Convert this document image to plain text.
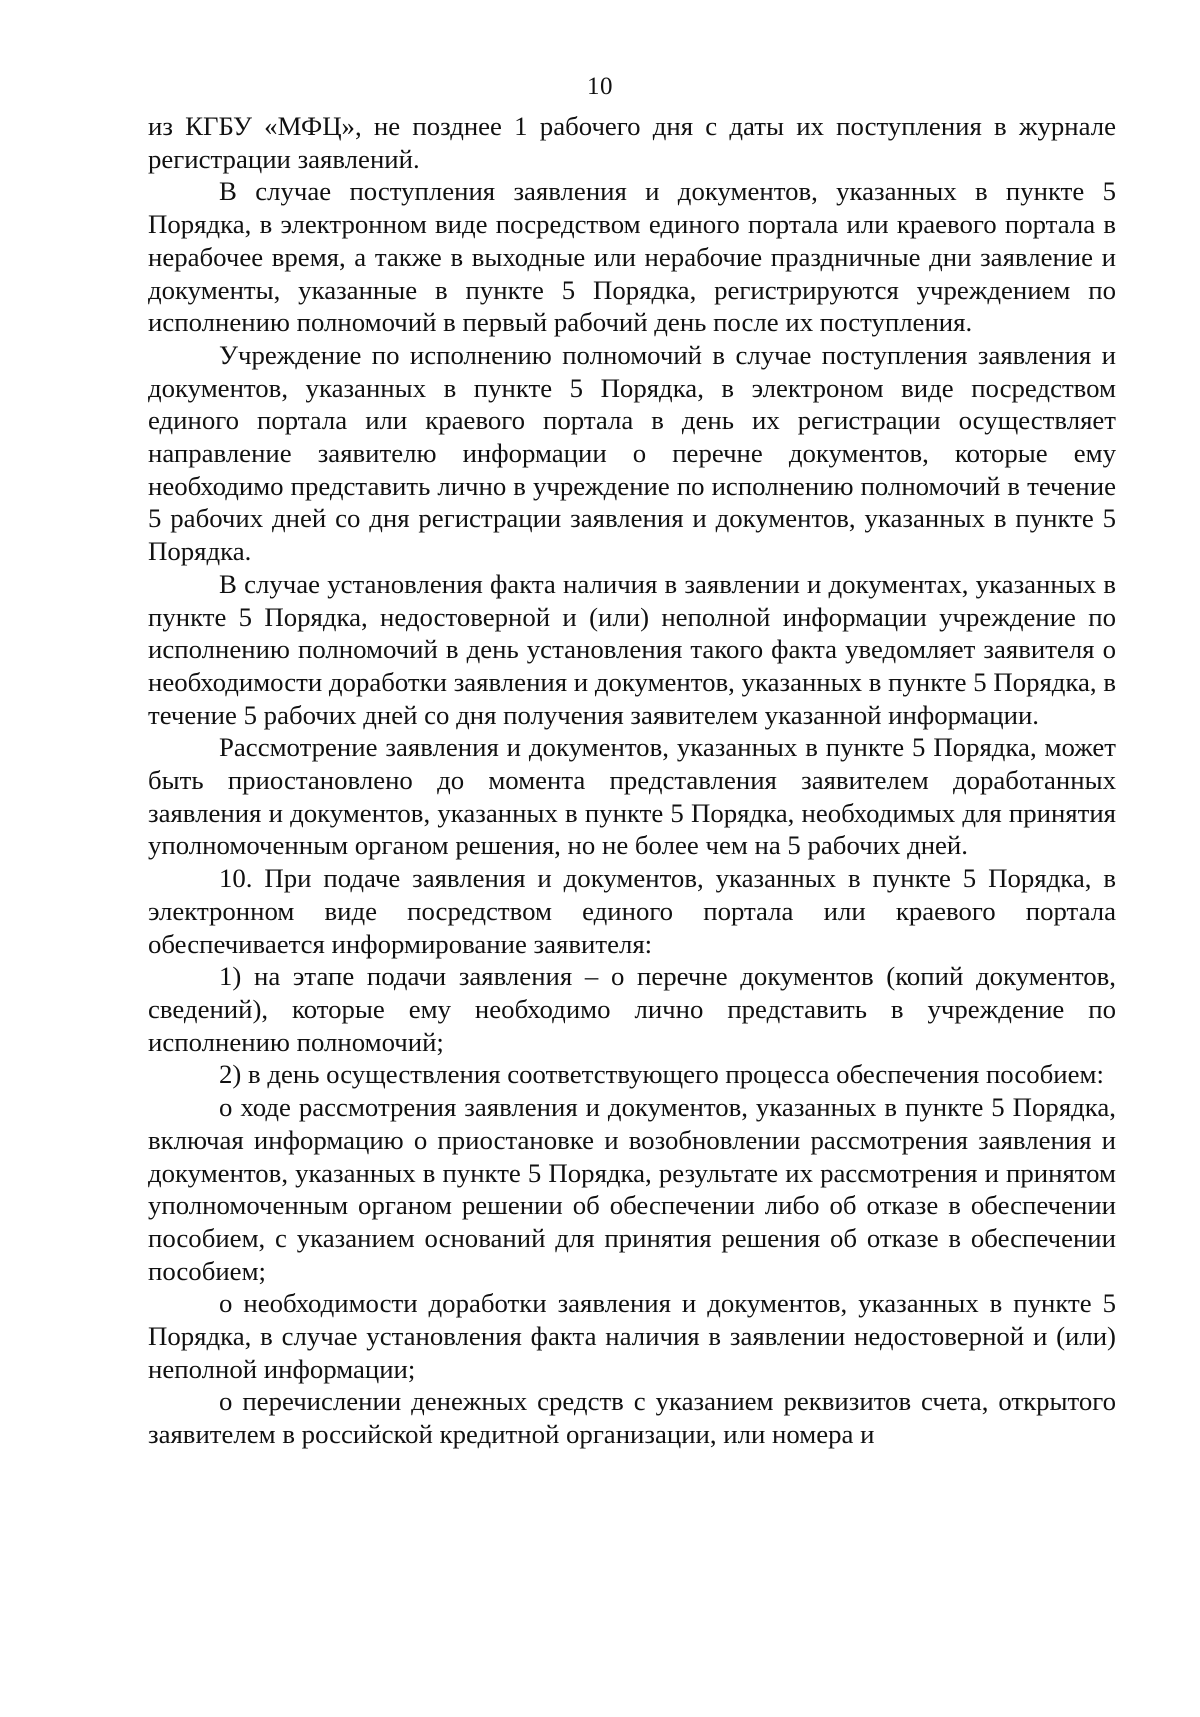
10

из КГБУ «МФЦ», не позднее 1 рабочего дня с даты их поступления в журнале регистрации заявлений.

В случае поступления заявления и документов, указанных в пункте 5 Порядка, в электронном виде посредством единого портала или краевого портала в нерабочее время, а также в выходные или нерабочие праздничные дни заявление и документы, указанные в пункте 5 Порядка, регистрируются учреждением по исполнению полномочий в первый рабочий день после их поступления.

Учреждение по исполнению полномочий в случае поступления заявления и документов, указанных в пункте 5 Порядка, в электроном виде посредством единого портала или краевого портала в день их регистрации осуществляет направление заявителю информации о перечне документов, которые ему необходимо представить лично в учреждение по исполнению полномочий в течение 5 рабочих дней со дня регистрации заявления и документов, указанных в пункте 5 Порядка.

В случае установления факта наличия в заявлении и документах, указанных в пункте 5 Порядка, недостоверной и (или) неполной информации учреждение по исполнению полномочий в день установления такого факта уведомляет заявителя о необходимости доработки заявления и документов, указанных в пункте 5 Порядка, в течение 5 рабочих дней со дня получения заявителем указанной информации.

Рассмотрение заявления и документов, указанных в пункте 5 Порядка, может быть приостановлено до момента представления заявителем доработанных заявления и документов, указанных в пункте 5 Порядка, необходимых для принятия уполномоченным органом решения, но не более чем на 5 рабочих дней.

10. При подаче заявления и документов, указанных в пункте 5 Порядка, в электронном виде посредством единого портала или краевого портала обеспечивается информирование заявителя:

1) на этапе подачи заявления – о перечне документов (копий документов, сведений), которые ему необходимо лично представить в учреждение по исполнению полномочий;

2) в день осуществления соответствующего процесса обеспечения пособием:

о ходе рассмотрения заявления и документов, указанных в пункте 5 Порядка, включая информацию о приостановке и возобновлении рассмотрения заявления и документов, указанных в пункте 5 Порядка, результате их рассмотрения и принятом уполномоченным органом решении об обеспечении либо об отказе в обеспечении пособием, с указанием оснований для принятия решения об отказе в обеспечении пособием;

о необходимости доработки заявления и документов, указанных в пункте 5 Порядка, в случае установления факта наличия в заявлении недостоверной и (или) неполной информации;

о перечислении денежных средств с указанием реквизитов счета, открытого заявителем в российской кредитной организации, или номера и
